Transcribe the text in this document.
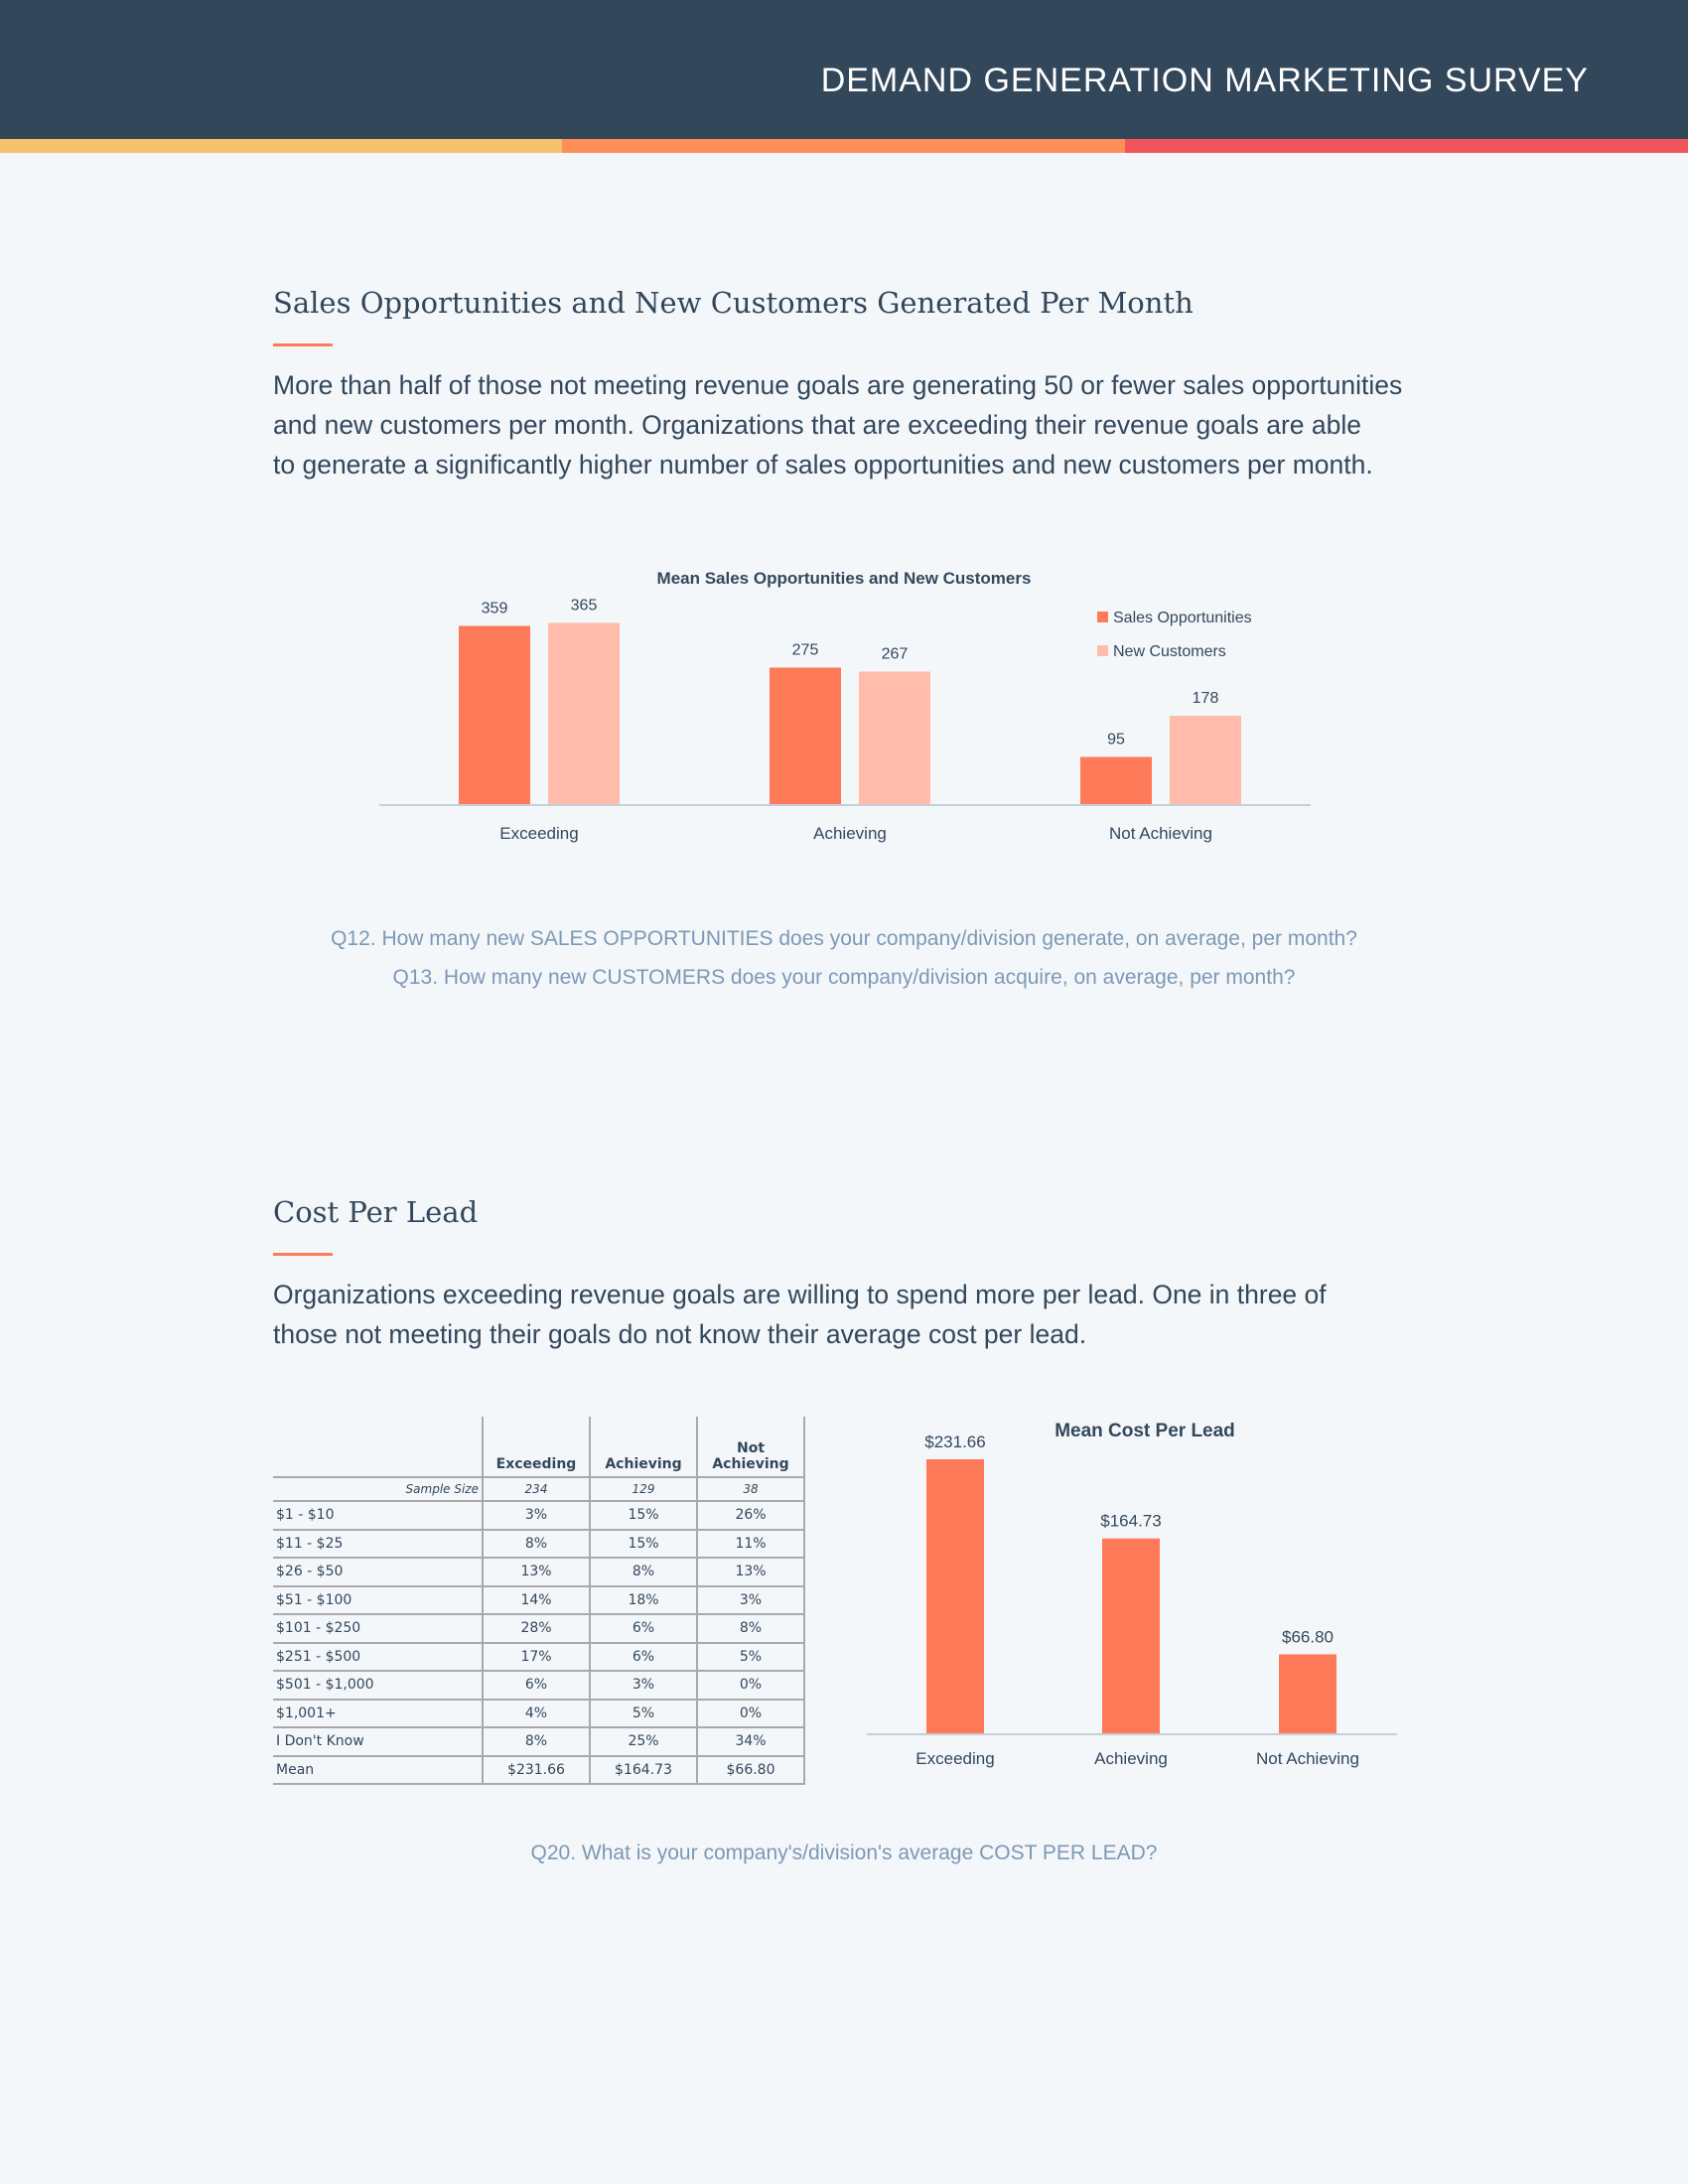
DEMAND GENERATION MARKETING SURVEY
Sales Opportunities and New Customers Generated Per Month
More than half of those not meeting revenue goals are generating 50 or fewer sales opportunities
and new customers per month. Organizations that are exceeding their revenue goals are able
to generate a significantly higher number of sales opportunities and new customers per month.
Mean Sales Opportunities and New Customers
359	365
275	267
95
178
Exceeding	Achieving	Not Achieving
Sales Opportunities
New Customers
Q12. How many new SALES OPPORTUNITIES does your company/division generate, on average, per month?
Q13. How many new CUSTOMERS does your company/division acquire, on average, per month?
Cost Per Lead
Organizations exceeding revenue goals are willing to spend more per lead. One in three of
those not meeting their goals do not know their average cost per lead.
	Exceeding	Achieving	Not Achieving
Sample Size	234	129	38
$1 - $10	3%	15%	26%
$11 - $25	8%	15%	11%
$26 - $50	13%	8%	13%
$51 - $100	14%	18%	3%
$101 - $250	28%	6%	8%
$251 - $500	17%	6%	5%
$501 - $1,000	6%	3%	0%
$1,001+	4%	5%	0%
I Don't Know	8%	25%	34%
Mean	$231.66	$164.73	$66.80
Mean Cost Per Lead
$231.66
$164.73
$66.80
Exceeding	Achieving	Not Achieving
Q20. What is your company's/division's average COST PER LEAD?
